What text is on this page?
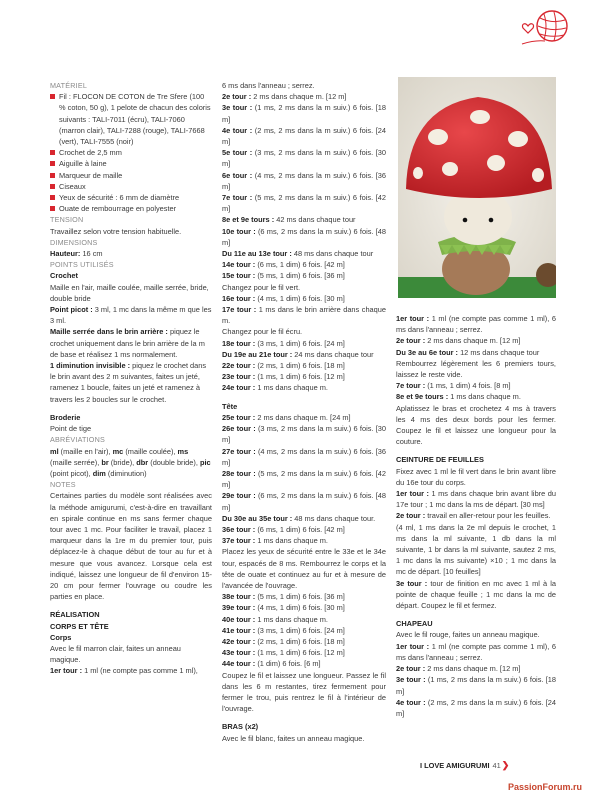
MATÉRIEL

Fil : FLOCON DE COTON de Tre Sfere (100 % coton, 50 g), 1 pelote de chacun des coloris suivants : TALI-7011 (écru), TALI-7060 (marron clair), TALI-7288 (rouge), TALI-7668 (vert), TALI-7555 (noir)

Crochet de 2,5 mm

Aiguille à laine

Marqueur de maille

Ciseaux

Yeux de sécurité : 6 mm de diamètre

Ouate de rembourrage en polyester

TENSION

Travaillez selon votre tension habituelle.

DIMENSIONS

Hauteur: 16 cm

POINTS UTILISÉS

Crochet

Maille en l'air, maille coulée, maille serrée, bride, double bride

Point picot : 3 ml, 1 mc dans la même m que les 3 ml.

Maille serrée dans le brin arrière : piquez le crochet uniquement dans le brin arrière de la m de base et réalisez 1 ms normalement.

1 diminution invisible : piquez le crochet dans le brin avant des 2 m suivantes, faites un jeté, ramenez 1 boucle, faites un jeté et ramenez à travers les 2 boucles sur le crochet.

Broderie

Point de tige

ABRÉVIATIONS

ml (maille en l'air), mc (maille coulée), ms (maille serrée), br (bride), dbr (double bride), pic (point picot), dim (diminution)

NOTES

Certaines parties du modèle sont réalisées avec la méthode amigurumi, c'est-à-dire en travaillant en spirale continue en ms sans fermer chaque tour avec 1 mc. Pour faciliter le travail, placez 1 marqueur dans la 1re m du premier tour, puis déplacez-le à chaque début de tour au fur et à mesure que vous avancez. Lorsque cela est indiqué, laissez une longueur de fil d'environ 15-20 cm pour fermer l'ouvrage ou coudre les parties en place.

RÉALISATION

CORPS ET TÊTE

Corps

Avec le fil marron clair, faites un anneau magique.

1er tour : 1 ml (ne compte pas comme 1 ml),

6 ms dans l'anneau ; serrez.

2e tour : 2 ms dans chaque m. [12 m]

3e tour : (1 ms, 2 ms dans la m suiv.) 6 fois. [18 m]

4e tour : (2 ms, 2 ms dans la m suiv.) 6 fois. [24 m]

5e tour : (3 ms, 2 ms dans la m suiv.) 6 fois. [30 m]

6e tour : (4 ms, 2 ms dans la m suiv.) 6 fois. [36 m]

7e tour : (5 ms, 2 ms dans la m suiv.) 6 fois. [42 m]

8e et 9e tours : 42 ms dans chaque tour

10e tour : (6 ms, 2 ms dans la m suiv.) 6 fois. [48 m]

Du 11e au 13e tour : 48 ms dans chaque tour

14e tour : (6 ms, 1 dim) 6 fois. [42 m]

15e tour : (5 ms, 1 dim) 6 fois. [36 m]

Changez pour le fil vert.

16e tour : (4 ms, 1 dim) 6 fois. [30 m]

17e tour : 1 ms dans le brin arrière dans chaque m.

Changez pour le fil écru.

18e tour : (3 ms, 1 dim) 6 fois. [24 m]

Du 19e au 21e tour : 24 ms dans chaque tour

22e tour : (2 ms, 1 dim) 6 fois. [18 m]

23e tour : (1 ms, 1 dim) 6 fois. [12 m]

24e tour : 1 ms dans chaque m.

Tête

25e tour : 2 ms dans chaque m. [24 m]

26e tour : (3 ms, 2 ms dans la m suiv.) 6 fois. [30 m]

27e tour : (4 ms, 2 ms dans la m suiv.) 6 fois. [36 m]

28e tour : (5 ms, 2 ms dans la m suiv.) 6 fois. [42 m]

29e tour : (6 ms, 2 ms dans la m suiv.) 6 fois. [48 m]

Du 30e au 35e tour : 48 ms dans chaque tour.

36e tour : (6 ms, 1 dim) 6 fois. [42 m]

37e tour : 1 ms dans chaque m.

Placez les yeux de sécurité entre le 33e et le 34e tour, espacés de 8 ms. Rembourrez le corps et la tête de ouate et continuez au fur et à mesure de l'avancée de l'ouvrage.

38e tour : (5 ms, 1 dim) 6 fois. [36 m]

39e tour : (4 ms, 1 dim) 6 fois. [30 m]

40e tour : 1 ms dans chaque m.

41e tour : (3 ms, 1 dim) 6 fois. [24 m]

42e tour : (2 ms, 1 dim) 6 fois. [18 m]

43e tour : (1 ms, 1 dim) 6 fois. [12 m]

44e tour : (1 dim) 6 fois. [6 m]

Coupez le fil et laissez une longueur. Passez le fil dans les 6 m restantes, tirez fermement pour fermer le trou, puis rentrez le fil à l'intérieur de l'ouvrage.

BRAS (x2)

Avec le fil blanc, faites un anneau magique.

1er tour : 1 ml (ne compte pas comme 1 ml), 6 ms dans l'anneau ; serrez.

2e tour : 2 ms dans chaque m. [12 m]

Du 3e au 6e tour : 12 ms dans chaque tour

Rembourrez légèrement les 6 premiers tours, laissez le reste vide.

7e tour : (1 ms, 1 dim) 4 fois. [8 m]

8e et 9e tours : 1 ms dans chaque m.

Aplatissez le bras et crochetez 4 ms à travers les 4 ms des deux bords pour les fermer. Coupez le fil et laissez une longueur pour la couture.

CEINTURE DE FEUILLES

Fixez avec 1 ml le fil vert dans le brin avant libre du 16e tour du corps.

1er tour : 1 ms dans chaque brin avant libre du 17e tour ; 1 mc dans la ms de départ. [30 ms]

2e tour : travail en aller-retour pour les feuilles.

(4 ml, 1 ms dans la 2e ml depuis le crochet, 1 ms dans la ml suivante, 1 db dans la ml suivante, 1 br dans la ml suivante, sautez 2 ms, 1 mc dans la ms suivante) ×10 ; 1 mc dans la mc de départ. [10 feuilles]

3e tour : tour de finition en mc avec 1 ml à la pointe de chaque feuille ; 1 mc dans la mc de départ. Coupez le fil et fermez.

CHAPEAU

Avec le fil rouge, faites un anneau magique.

1er tour : 1 ml (ne compte pas comme 1 ml), 6 ms dans l'anneau ; serrez.

2e tour : 2 ms dans chaque m. [12 m]

3e tour : (1 ms, 2 ms dans la m suiv.) 6 fois. [18 m]

4e tour : (2 ms, 2 ms dans la m suiv.) 6 fois. [24 m]

I LOVE AMIGURUMI 41❯
PassionForum.ru
